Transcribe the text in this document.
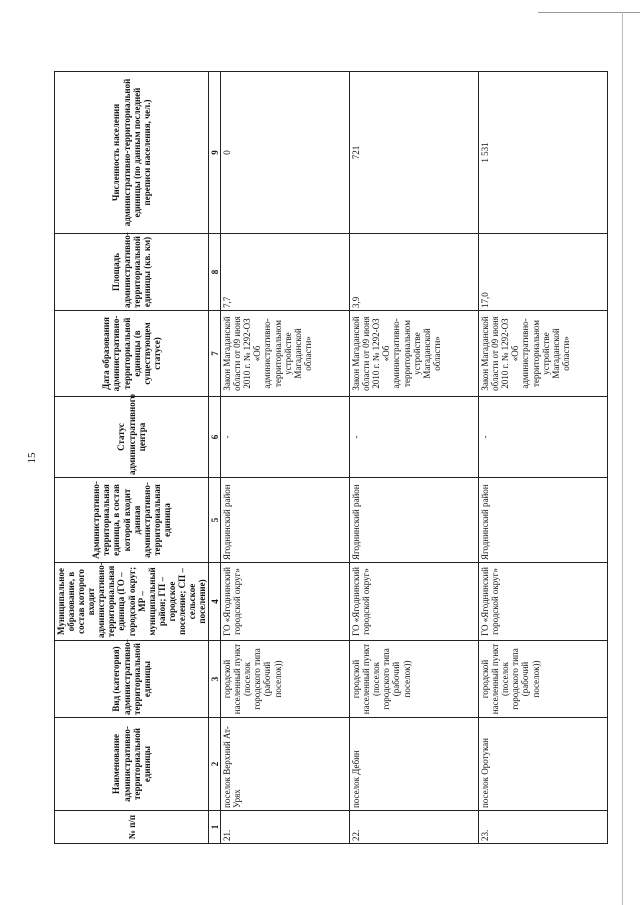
15
№ п/п	Наименование административно-территориальной единицы	Вид (категория) административно-территориальной единицы	Муниципальное образование, в состав которого входит административно-территориальная единица (ГО – городской округ; МР – муниципальный район; ГП – городское поселение; СП – сельское поселение)	Административно-территориальная единица, в состав которой входит данная административно-территориальная единица	Статус административного центра	Дата образования административно-территориальной единицы (в существующем статусе)	Площадь административно-территориальной единицы (кв. км)	Численность населения административно-территориальной единицы (по данным последней переписи населения, чел.)
1	2	3	4	5	6	7	8	9
21.	поселок Верхний Ат-Урях	городской населенный пункт (поселок городского типа (рабочий поселок))	ГО «Ягоднинский городской округ»	Ягоднинский район	-	Закон Магаданской области от 09 июня 2010 г. № 1292-ОЗ «Об административно-территориальном устройстве Магаданской области»	7,7	0
22.	поселок Дебин	городской населенный пункт (поселок городского типа (рабочий поселок))	ГО «Ягоднинский городской округ»	Ягоднинский район	-	Закон Магаданской области от 09 июня 2010 г. № 1292-ОЗ «Об административно-территориальном устройстве Магаданской области»	3,9	721
23.	поселок Оротукан	городской населенный пункт (поселок городского типа (рабочий поселок))	ГО «Ягоднинский городской округ»	Ягоднинский район	-	Закон Магаданской области от 09 июня 2010 г. № 1292-ОЗ «Об административно-территориальном устройстве Магаданской области»	17,0	1 531
